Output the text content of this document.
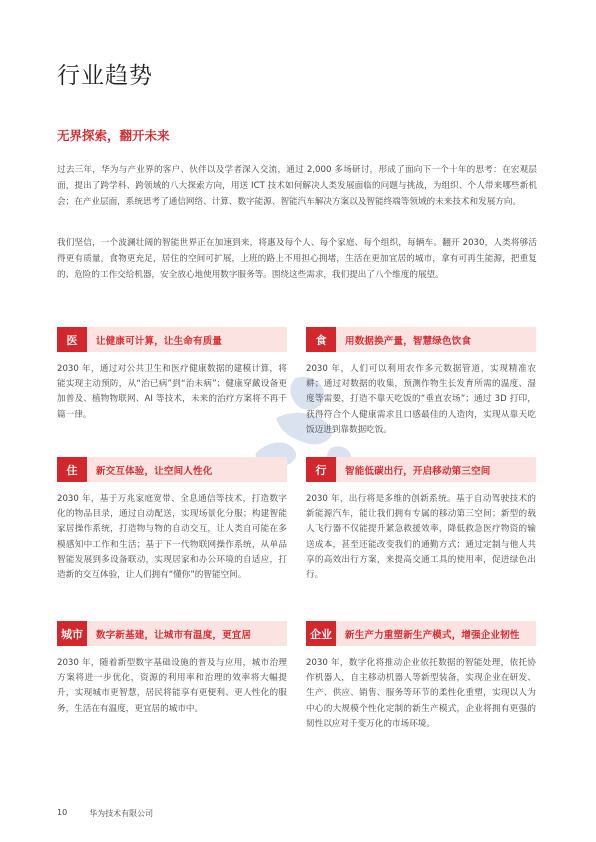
行业趋势
无界探索，翻开未来

过去三年，华为与产业界的客户、伙伴以及学者深入交流，通过 2,000 多场研讨，形成了面向下一个十年的思考：在宏观层面，提出了跨学科、跨领域的八大探索方向，用送 ICT 技术如何解决人类发展面临的问题与挑战，为组织、个人带来哪些新机会；在产业层面，系统思考了通信网络、计算、数字能源、智能汽车解决方案以及智能终端等领域的未来技术和发展方向。

我们坚信，一个波澜壮阔的智能世界正在加速到来，将惠及每个人、每个家庭、每个组织，每辆车。翻开 2030，人类将够活得更有质量，食物更充足，居住的空间可扩展，上班的路上不用担心拥堵，生活在更加宜居的城市，拿有可再生能源，把重复的、危险的工作交给机器，安全放心地使用数字服务等。围绕这些需求，我们提出了八个维度的展望。

医	让健康可计算，让生命有质量

2030 年，通过对公共卫生和医疗健康数据的建模计算，将能实现主动预防，从“治已病”到“治未病”；健康穿戴设备更加普及、植物物联网、AI 等技术，未来的治疗方案将不再千篇一律。

食	用数据换产量，智慧绿色饮食

2030 年，人们可以利用农作多元数据管道，实现精准农耕；通过对数据的收集，预测作物生长发育所需的温度、湿度等需要，打造不靠天吃饭的“垂直农场”；通过 3D 打印，获得符合个人健康需求且口感最佳的人造肉，实现从靠天吃饭迈进到靠数据吃饭。

住	新交互体验，让空间人性化

2030 年，基于万兆家庭宽带、全息通信等技术，打造数字化的物品目录，通过自动配送，实现场景化分服；构建智能家居操作系统，打造物与物的自动交互，让人类自可能在多模感知中工作和生活；基于下一代物联网操作系统，从单品智能发展到多设备联动，实现居家和办公环境的自适应，打造新的交互体验，让人们拥有“懂你”的智能空间。

行	智能低碳出行，开启移动第三空间

2030 年，出行将是多维的创新系统。基于自动驾驶技术的新能源汽车，能让我们拥有专属的移动第三空间；新型的载人飞行器不仅能提升紧急救援效率，降低救急医疗物资的输送成本，甚至还能改变我们的通勤方式；通过定制与他人共享的高效出行方案，来提高交通工具的使用率，促进绿色出行。

城市	数字新基建，让城市有温度，更宜居

2030 年，随着新型数字基础设施的普及与应用，城市治理方案将进一步优化，资源的利用率和治理的效率将大幅提升，实现城市更智慧，居民将能享有更便利、更人性化的服务，生活在有温度，更宜居的城市中。

企业	新生产力重塑新生产模式，增强企业韧性

2030 年，数字化将推动企业依托数据的智能处理，依托协作机器人，自主移动机器人等新型装备，实现企业在研发、生产、供应、销售、服务等环节的柔性化重塑，实现以人为中心的大规模个性化定制的新生产模式，企业将拥有更强的韧性以应对千变万化的市场环境。

10	华为技术有限公司
